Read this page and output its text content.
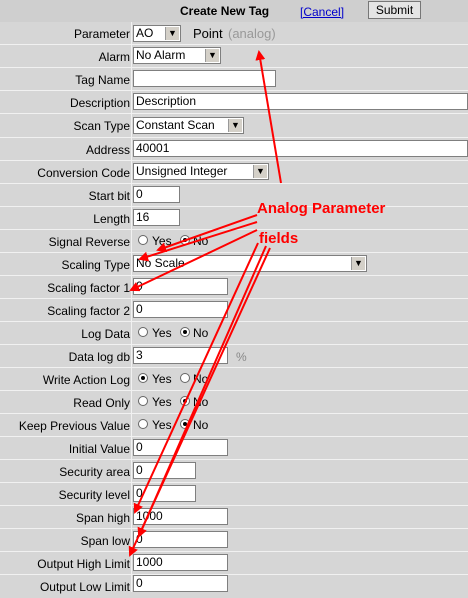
Create New Tag	[Cancel]	Submit
Parameter AO	▼ Point (analog)
Alarm No Alarm	▼
Tag Name
Description Description
Scan Type Constant Scan	▼
Address 40001
Conversion Code Unsigned Integer	▼
Start bit 0
Length 16
Signal Reverse Yes No
Scaling Type No Scale	▼
Scaling factor 1 0
Scaling factor 2 0
Log Data Yes No
Data log db 3	%
Write Action Log Yes No
Read Only Yes No
Keep Previous Value Yes No
Initial Value 0
Security area 0
Security level 0
Span high 1000
Span low 0
Output High Limit 1000
Output Low Limit 0
Analog Parameter
fields
